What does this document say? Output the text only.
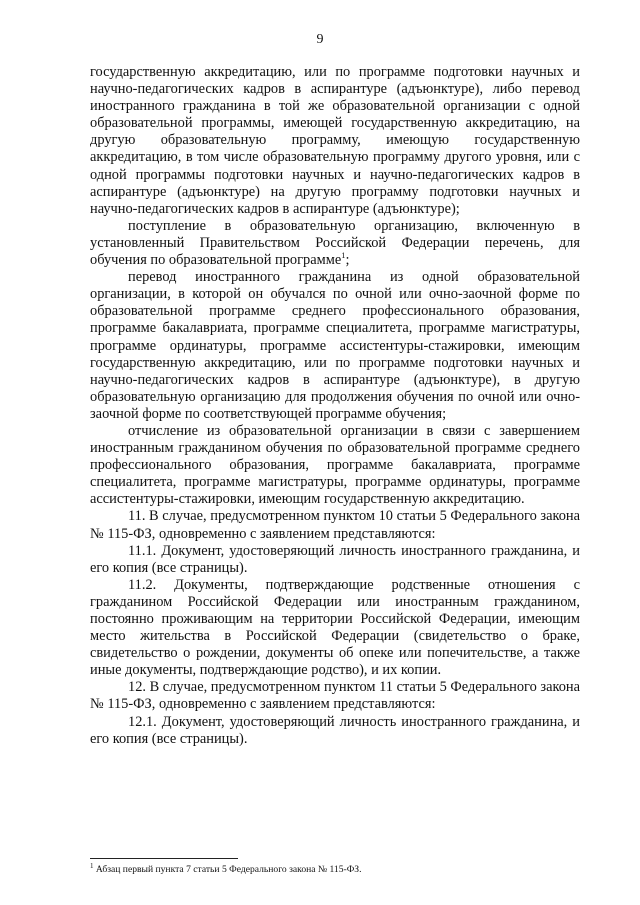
9

государственную аккредитацию, или по программе подготовки научных и научно-педагогических кадров в аспирантуре (адъюнктуре), либо перевод иностранного гражданина в той же образовательной организации с одной образовательной программы, имеющей государственную аккредитацию, на другую образовательную программу, имеющую государственную аккредитацию, в том числе образовательную программу другого уровня, или с одной программы подготовки научных и научно-педагогических кадров в аспирантуре (адъюнктуре) на другую программу подготовки научных и научно-педагогических кадров в аспирантуре (адъюнктуре);

поступление в образовательную организацию, включенную в установленный Правительством Российской Федерации перечень, для обучения по образовательной программе$^1$;

перевод иностранного гражданина из одной образовательной организации, в которой он обучался по очной или очно-заочной форме по образовательной программе среднего профессионального образования, программе бакалавриата, программе специалитета, программе магистратуры, программе ординатуры, программе ассистентуры-стажировки, имеющим государственную аккредитацию, или по программе подготовки научных и научно-педагогических кадров в аспирантуре (адъюнктуре), в другую образовательную организацию для продолжения обучения по очной или очно-заочной форме по соответствующей программе обучения;

отчисление из образовательной организации в связи с завершением иностранным гражданином обучения по образовательной программе среднего профессионального образования, программе бакалавриата, программе специалитета, программе магистратуры, программе ординатуры, программе ассистентуры-стажировки, имеющим государственную аккредитацию.

11. В случае, предусмотренном пунктом 10 статьи 5 Федерального закона № 115-ФЗ, одновременно с заявлением представляются:

11.1. Документ, удостоверяющий личность иностранного гражданина, и его копия (все страницы).

11.2. Документы, подтверждающие родственные отношения с гражданином Российской Федерации или иностранным гражданином, постоянно проживающим на территории Российской Федерации, имеющим место жительства в Российской Федерации (свидетельство о браке, свидетельство о рождении, документы об опеке или попечительстве, а также иные документы, подтверждающие родство), и их копии.

12. В случае, предусмотренном пунктом 11 статьи 5 Федерального закона № 115-ФЗ, одновременно с заявлением представляются:

12.1. Документ, удостоверяющий личность иностранного гражданина, и его копия (все страницы).

$^1$ Абзац первый пункта 7 статьи 5 Федерального закона № 115-ФЗ.
